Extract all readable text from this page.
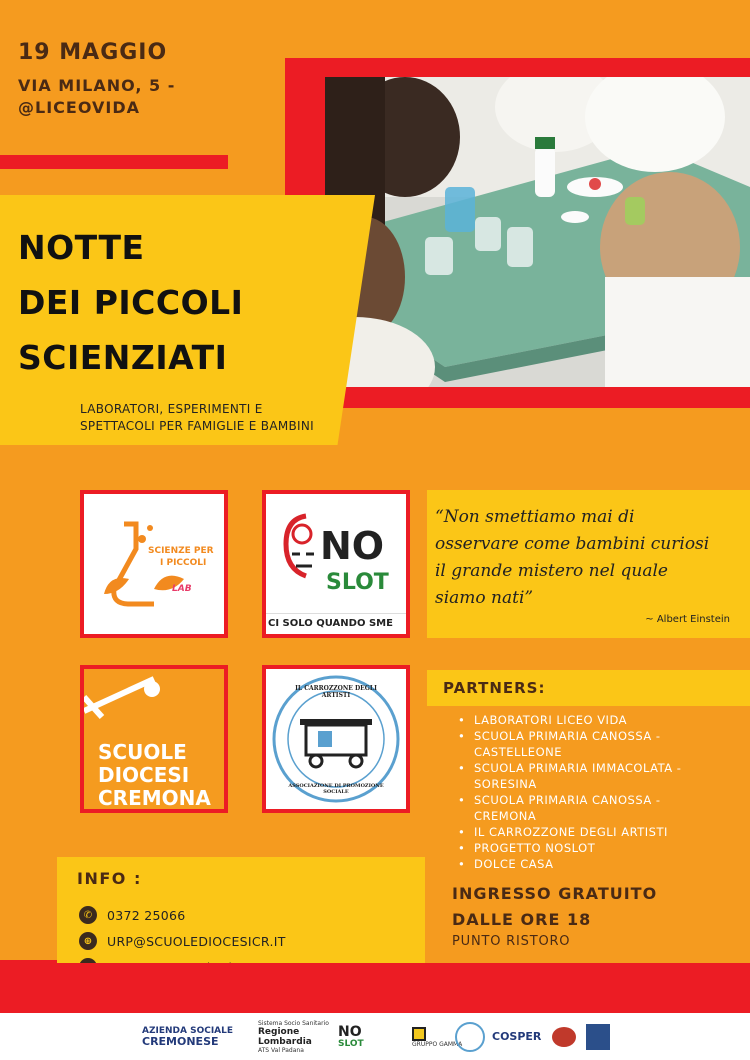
19 MAGGIO
VIA MILANO, 5 -
@LICEOVIDA
NOTTE
DEI PICCOLI
SCIENZIATI
LABORATORI, ESPERIMENTI E
SPETTACOLI PER FAMIGLIE E BAMBINI
SCIENZE PER
I PICCOLI
LAB
NO
SLOT
CI SOLO QUANDO SME
SCUOLE
DIOCESI
CREMONA
IL CARROZZONE DEGLI ARTISTI
ASSOCIAZIONE DI PROMOZIONE SOCIALE
“Non smettiamo mai di
osservare come bambini curiosi
il grande mistero nel quale
siamo nati”
~ Albert Einstein
PARTNERS:
• LABORATORI LICEO VIDA
• SCUOLA PRIMARIA CANOSSA -
CASTELLEONE
• SCUOLA PRIMARIA IMMACOLATA -
SORESINA
• SCUOLA PRIMARIA CANOSSA -
CREMONA
• IL CARROZZONE DEGLI ARTISTI
• PROGETTO NOSLOT
• DOLCE CASA
INGRESSO GRATUITO
DALLE ORE 18
PUNTO RISTORO
INFO :
✆	0372 25066
⊕	URP@SCUOLEDIOCESICR.IT
AZIENDA SOCIALE
CREMONESE
Sistema Socio Sanitario
Regione
Lombardia
ATS Val Padana
NO
SLOT	GRUPPO GAMMA
COSPER
